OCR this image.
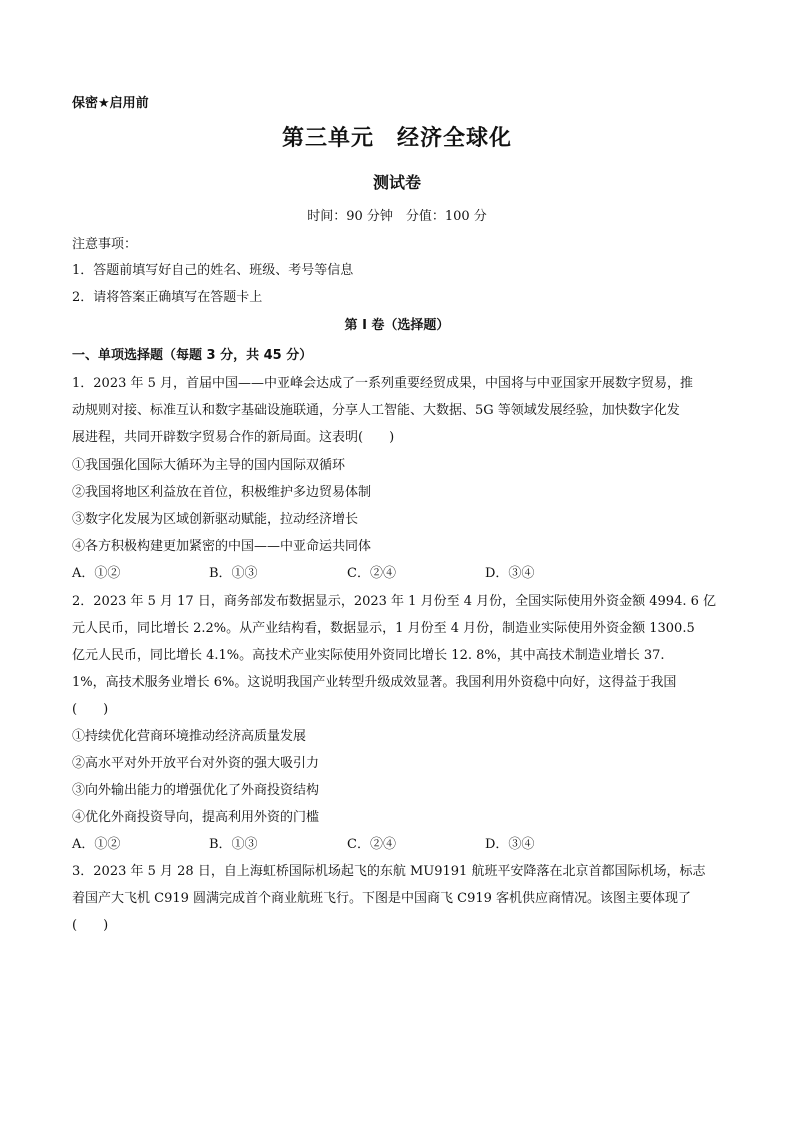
保密★启用前
第三单元　经济全球化
测试卷
时间：90 分钟　分值：100 分
注意事项：
1．答题前填写好自己的姓名、班级、考号等信息
2．请将答案正确填写在答题卡上
第 I 卷（选择题）
一、单项选择题（每题 3 分，共 45 分）
1．2023 年 5 月，首届中国——中亚峰会达成了一系列重要经贸成果，中国将与中亚国家开展数字贸易，推
动规则对接、标准互认和数字基础设施联通，分享人工智能、大数据、5G 等领域发展经验，加快数字化发
展进程，共同开辟数字贸易合作的新局面。这表明(　　)
①我国强化国际大循环为主导的国内国际双循环
②我国将地区利益放在首位，积极维护多边贸易体制
③数字化发展为区域创新驱动赋能，拉动经济增长
④各方积极构建更加紧密的中国——中亚命运共同体
A．①②	B．①③	C．②④	D．③④
2．2023 年 5 月 17 日，商务部发布数据显示，2023 年 1 月份至 4 月份，全国实际使用外资金额 4994. 6 亿
元人民币，同比增长 2.2%。从产业结构看，数据显示，1 月份至 4 月份，制造业实际使用外资金额 1300.5
亿元人民币，同比增长 4.1%。高技术产业实际使用外资同比增长 12. 8%，其中高技术制造业增长 37.
1%，高技术服务业增长 6%。这说明我国产业转型升级成效显著。我国利用外资稳中向好，这得益于我国
(　　)
①持续优化营商环境推动经济高质量发展
②高水平对外开放平台对外资的强大吸引力
③向外输出能力的增强优化了外商投资结构
④优化外商投资导向，提高利用外资的门槛
A．①②	B．①③	C．②④	D．③④
3．2023 年 5 月 28 日，自上海虹桥国际机场起飞的东航 MU9191 航班平安降落在北京首都国际机场，标志
着国产大飞机 C919 圆满完成首个商业航班飞行。下图是中国商飞 C919 客机供应商情况。该图主要体现了
(　　)
